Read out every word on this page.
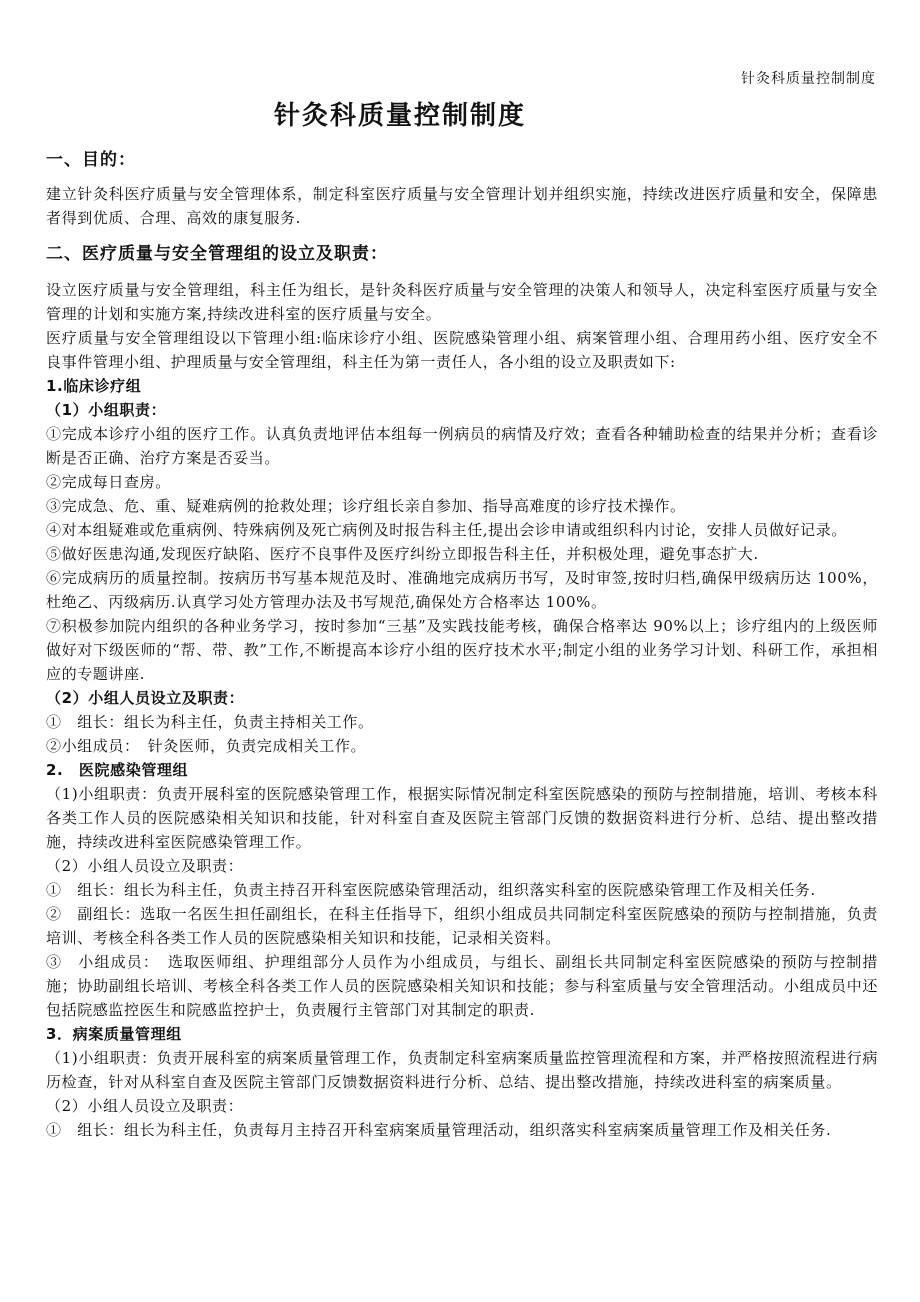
针灸科质量控制制度
针灸科质量控制制度

一、目的：

建立针灸科医疗质量与安全管理体系，制定科室医疗质量与安全管理计划并组织实施，持续改进医疗质量和安全，保障患者得到优质、合理、高效的康复服务.

二、医疗质量与安全管理组的设立及职责：

设立医疗质量与安全管理组，科主任为组长，是针灸科医疗质量与安全管理的决策人和领导人，决定科室医疗质量与安全管理的计划和实施方案,持续改进科室的医疗质量与安全。

医疗质量与安全管理组设以下管理小组:临床诊疗小组、医院感染管理小组、病案管理小组、合理用药小组、医疗安全不良事件管理小组、护理质量与安全管理组，科主任为第一责任人，各小组的设立及职责如下:

1.临床诊疗组

（1）小组职责：

①完成本诊疗小组的医疗工作。认真负责地评估本组每一例病员的病情及疗效；查看各种辅助检查的结果并分析；查看诊断是否正确、治疗方案是否妥当。

②完成每日查房。

③完成急、危、重、疑难病例的抢救处理；诊疗组长亲自参加、指导高难度的诊疗技术操作。

④对本组疑难或危重病例、特殊病例及死亡病例及时报告科主任,提出会诊申请或组织科内讨论，安排人员做好记录。

⑤做好医患沟通,发现医疗缺陷、医疗不良事件及医疗纠纷立即报告科主任，并积极处理，避免事态扩大.

⑥完成病历的质量控制。按病历书写基本规范及时、准确地完成病历书写，及时审签,按时归档,确保甲级病历达 100%，杜绝乙、丙级病历.认真学习处方管理办法及书写规范,确保处方合格率达 100%。

⑦积极参加院内组织的各种业务学习，按时参加“三基”及实践技能考核，确保合格率达 90%以上；诊疗组内的上级医师做好对下级医师的“帮、带、教”工作,不断提高本诊疗小组的医疗技术水平;制定小组的业务学习计划、科研工作，承担相应的专题讲座.

（2）小组人员设立及职责：

①　组长：组长为科主任，负责主持相关工作。

②小组成员：　针灸医师，负责完成相关工作。

2.　医院感染管理组

（1)小组职责：负责开展科室的医院感染管理工作，根据实际情况制定科室医院感染的预防与控制措施，培训、考核本科各类工作人员的医院感染相关知识和技能，针对科室自查及医院主管部门反馈的数据资料进行分析、总结、提出整改措施，持续改进科室医院感染管理工作。

（2）小组人员设立及职责：

①　组长：组长为科主任，负责主持召开科室医院感染管理活动，组织落实科室的医院感染管理工作及相关任务.

②　副组长：选取一名医生担任副组长，在科主任指导下，组织小组成员共同制定科室医院感染的预防与控制措施，负责培训、考核全科各类工作人员的医院感染相关知识和技能，记录相关资料。

③　小组成员：　选取医师组、护理组部分人员作为小组成员，与组长、副组长共同制定科室医院感染的预防与控制措施；协助副组长培训、考核全科各类工作人员的医院感染相关知识和技能；参与科室质量与安全管理活动。小组成员中还包括院感监控医生和院感监控护士，负责履行主管部门对其制定的职责.

3．病案质量管理组

（1)小组职责：负责开展科室的病案质量管理工作，负责制定科室病案质量监控管理流程和方案，并严格按照流程进行病历检查，针对从科室自查及医院主管部门反馈数据资料进行分析、总结、提出整改措施，持续改进科室的病案质量。

（2）小组人员设立及职责：

①　组长：组长为科主任，负责每月主持召开科室病案质量管理活动，组织落实科室病案质量管理工作及相关任务.
